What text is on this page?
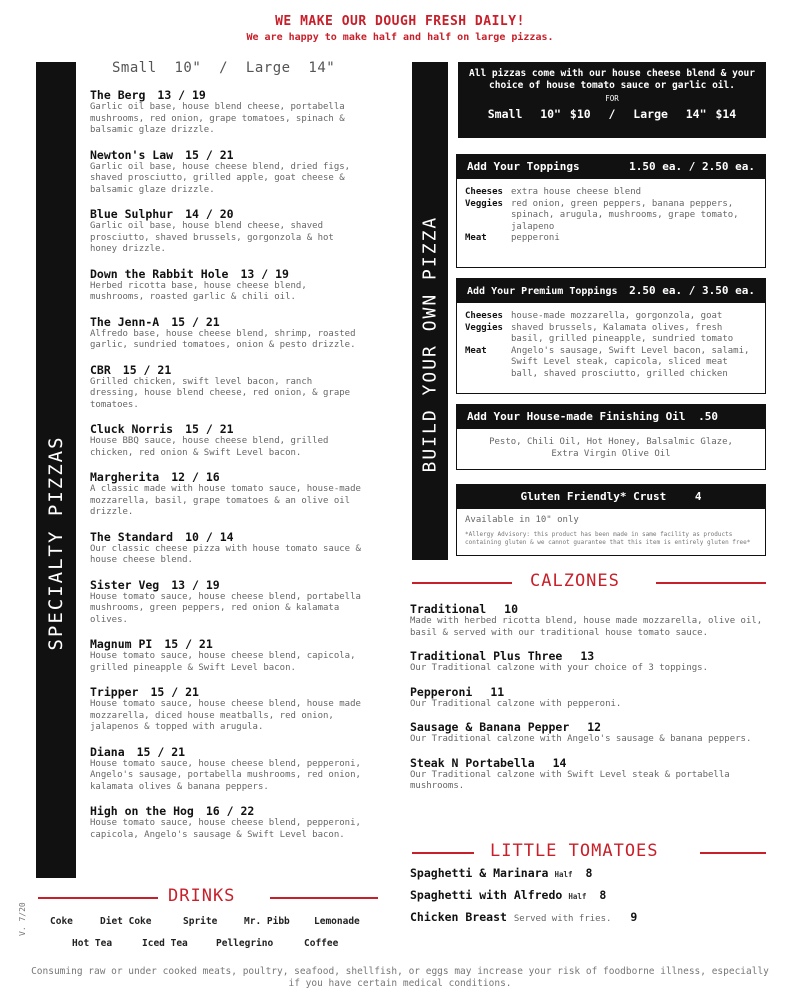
WE MAKE OUR DOUGH FRESH DAILY!
We are happy to make half and half on large pizzas.
SPECIALTY PIZZAS
Small  10"  /  Large  14"
The Berg 13 / 19
Garlic oil base, house blend cheese, portabella mushrooms, red onion, grape tomatoes, spinach & balsamic glaze drizzle.
Newton's Law 15 / 21
Garlic oil base, house cheese blend, dried figs, shaved prosciutto, grilled apple, goat cheese & balsamic glaze drizzle.
Blue Sulphur 14 / 20
Garlic oil base, house blend cheese, shaved prosciutto, shaved brussels, gorgonzola & hot honey drizzle.
Down the Rabbit Hole 13 / 19
Herbed ricotta base, house cheese blend, mushrooms, roasted garlic & chili oil.
The Jenn-A 15 / 21
Alfredo base, house cheese blend, shrimp, roasted garlic, sundried tomatoes, onion & pesto drizzle.
CBR 15 / 21
Grilled chicken, swift level bacon, ranch dressing, house blend cheese, red onion, & grape tomatoes.
Cluck Norris 15 / 21
House BBQ sauce, house cheese blend, grilled chicken, red onion & Swift Level bacon.
Margherita 12 / 16
A classic made with house tomato sauce, house-made mozzarella, basil, grape tomatoes & an olive oil drizzle.
The Standard 10 / 14
Our classic cheese pizza with house tomato sauce & house cheese blend.
Sister Veg 13 / 19
House tomato sauce, house cheese blend, portabella mushrooms, green peppers, red onion & kalamata olives.
Magnum PI 15 / 21
House tomato sauce, house cheese blend, capicola, grilled pineapple & Swift Level bacon.
Tripper 15 / 21
House tomato sauce, house cheese blend, house made mozzarella, diced house meatballs, red onion, jalapenos & topped with arugula.
Diana 15 / 21
House tomato sauce, house cheese blend, pepperoni, Angelo's sausage, portabella mushrooms, red onion, kalamata olives & banana peppers.
High on the Hog 16 / 22
House tomato sauce, house cheese blend, pepperoni, capicola, Angelo's sausage & Swift Level bacon.
DRINKS
Coke	Diet Coke	Sprite	Mr. Pibb	Lemonade
Hot Tea	Iced Tea	Pellegrino	Coffee
V. 7/20
Consuming raw or under cooked meats, poultry, seafood, shellfish, or eggs may increase your risk of foodborne illness, especially if you have certain medical conditions.
BUILD YOUR OWN PIZZA
All pizzas come with our house cheese blend & your choice of house tomato sauce or garlic oil.
FOR
Small  10" $10  /  Large  14" $14
Add Your Toppings	1.50 ea. / 2.50 ea.
Cheeses extra house cheese blend
Veggies red onion, green peppers, banana peppers, spinach, arugula, mushrooms, grape tomato, jalapeno
Meat	pepperoni
Add Your Premium Toppings 2.50 ea. / 3.50 ea.
Cheeses house-made mozzarella, gorgonzola, goat
Veggies shaved brussels, Kalamata olives, fresh basil, grilled pineapple, sundried tomato
Meat	Angelo's sausage, Swift Level bacon, salami, Swift Level steak, capicola, sliced meat ball, shaved prosciutto, grilled chicken
Add Your House-made Finishing Oil .50
Pesto, Chili Oil, Hot Honey, Balsalmic Glaze, Extra Virgin Olive Oil
Gluten Friendly* Crust	4
Available in 10" only
*Allergy Advisory: this product has been made in same facility as products containing gluten & we cannot guarantee that this item is entirely gluten free*
CALZONES
Traditional 10
Made with herbed ricotta blend, house made mozzarella, olive oil, basil & served with our traditional house tomato sauce.
Traditional Plus Three 13
Our Traditional calzone with your choice of 3 toppings.
Pepperoni 11
Our Traditional calzone with pepperoni.
Sausage & Banana Pepper 12
Our Traditional calzone with Angelo's sausage & banana peppers.
Steak N Portabella 14
Our Traditional calzone with Swift Level steak & portabella mushrooms.
LITTLE TOMATOES
Spaghetti & Marinara Half 8
Spaghetti with Alfredo Half 8
Chicken Breast Served with fries. 9
